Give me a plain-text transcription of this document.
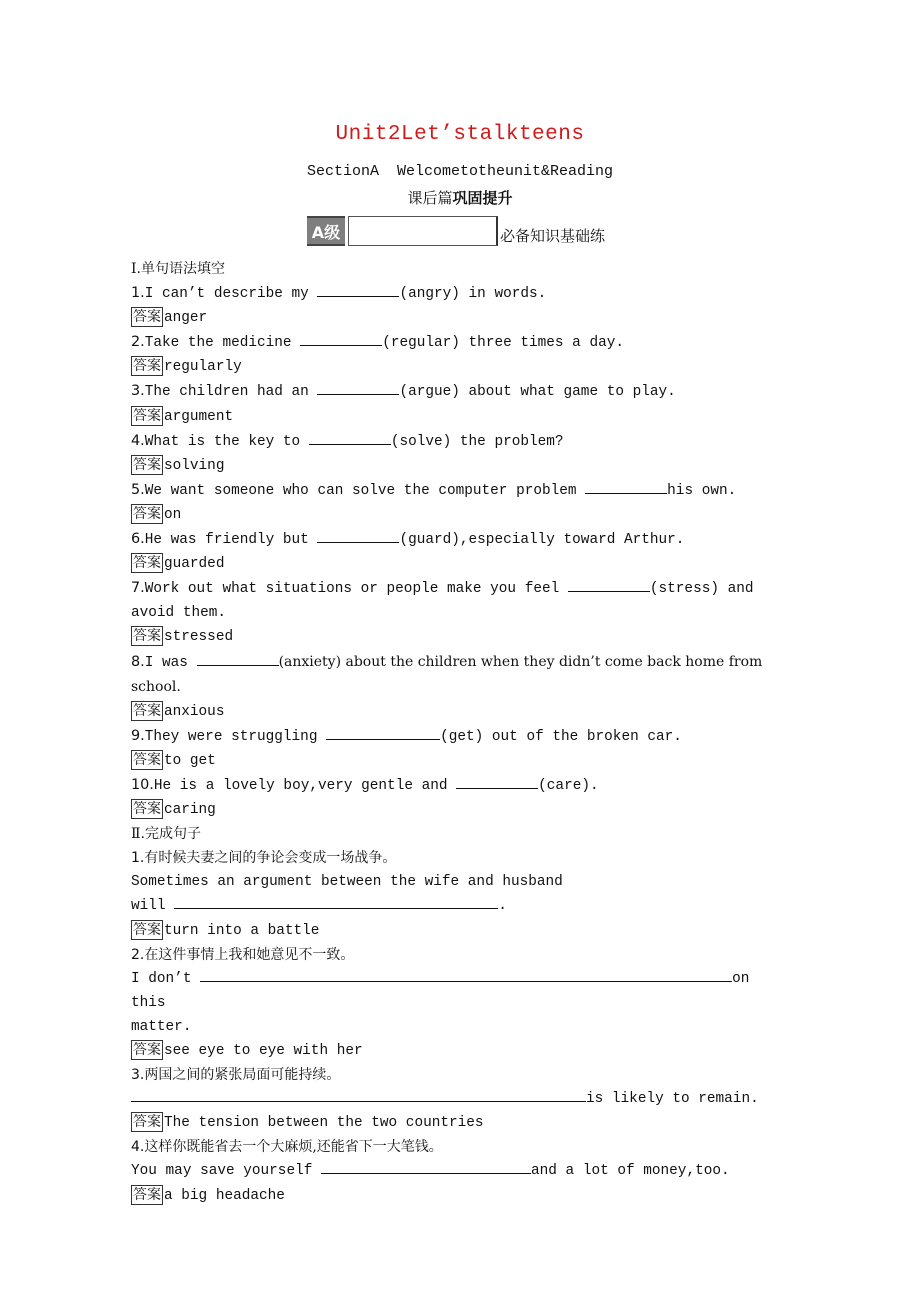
Unit2Let’stalkteens
SectionA Welcometotheunit&Reading
课后篇巩固提升
A级	必备知识基础练
Ⅰ.单句语法填空
1.I can’t describe my	(angry) in words.
答案 anger
2.Take the medicine	(regular) three times a day.
答案 regularly
3.The children had an	(argue) about what game to play.
答案 argument
4.What is the key to	(solve) the problem?
答案 solving
5.We want someone who can solve the computer problem	his own.
答案 on
6.He was friendly but	(guard),especially toward Arthur.
答案 guarded
7.Work out what situations or people make you feel	(stress) and avoid them.
答案 stressed
8.I was	(anxiety) about the children when they didn’t come back home from school.
答案 anxious
9.They were struggling	(get) out of the broken car.
答案 to get
10.He is a lovely boy,very gentle and	(care).
答案 caring
Ⅱ.完成句子
1.有时候夫妻之间的争论会变成一场战争。
Sometimes an argument between the wife and husband
will	.
答案 turn into a battle
2.在这件事情上我和她意见不一致。
I don’t	on this
matter.
答案 see eye to eye with her
3.两国之间的紧张局面可能持续。
is likely to remain.
答案 The tension between the two countries
4.这样你既能省去一个大麻烦,还能省下一大笔钱。
You may save yourself	and a lot of money,too.
答案 a big headache
